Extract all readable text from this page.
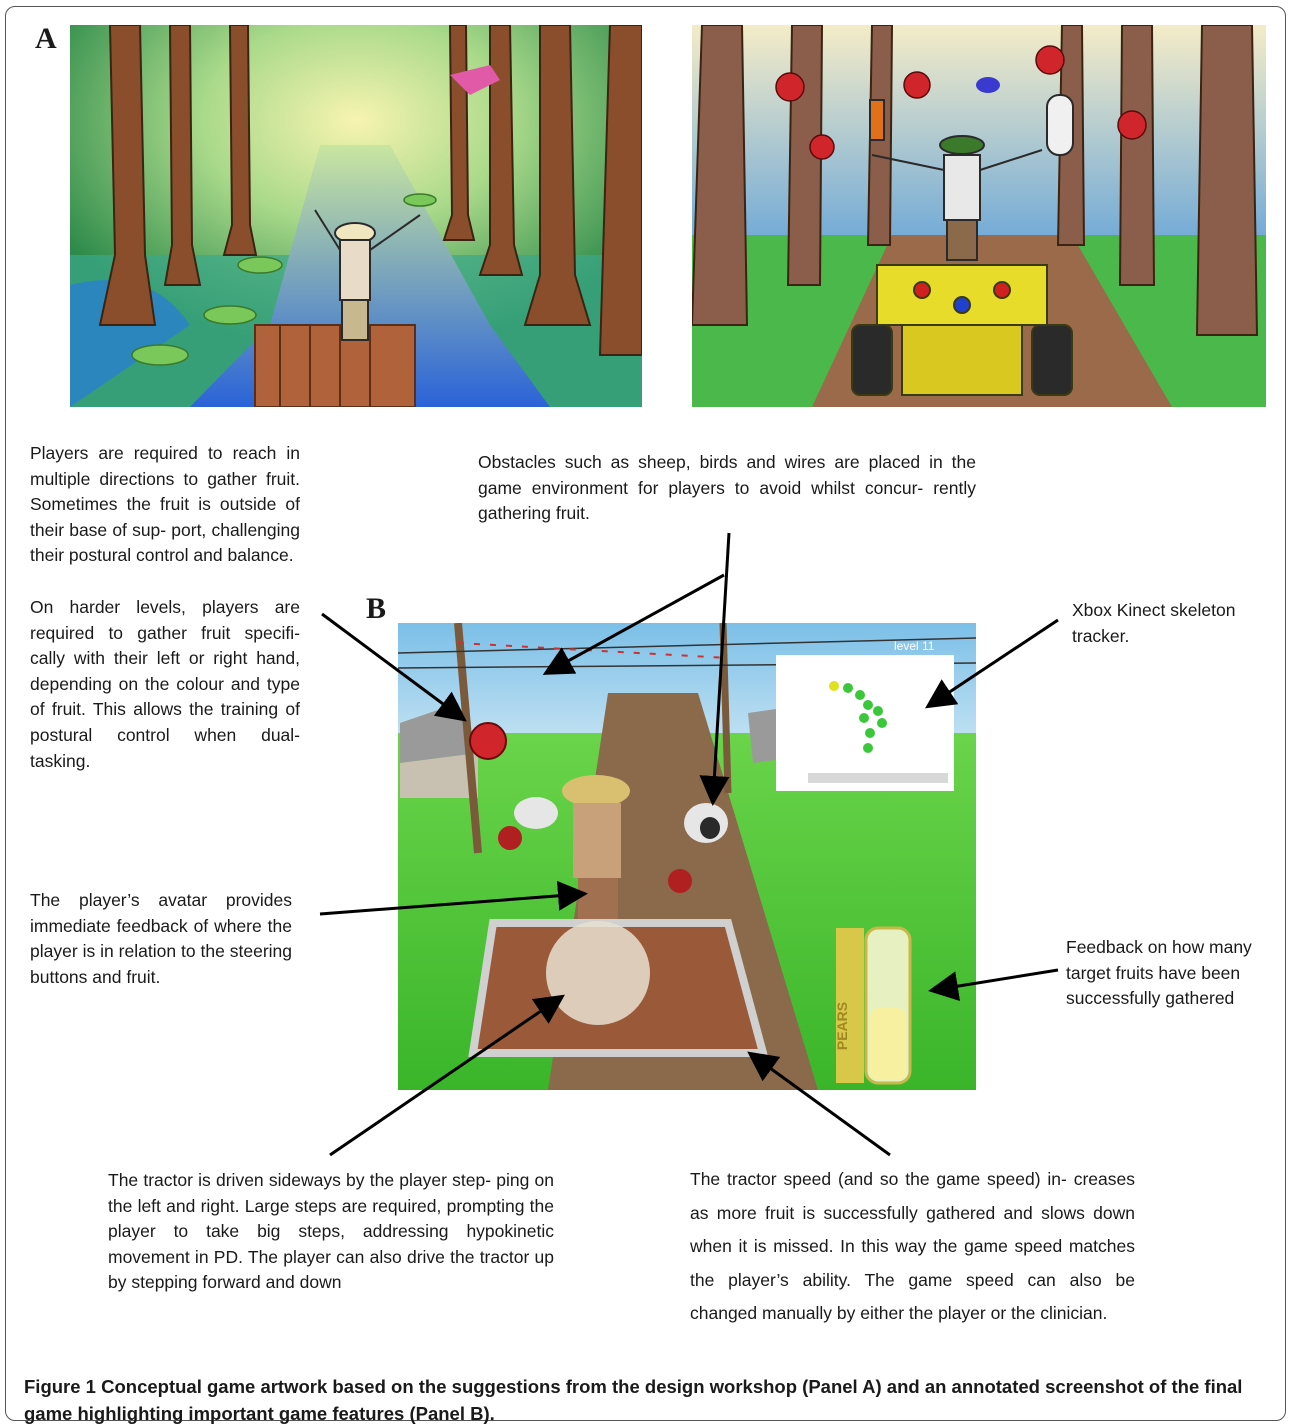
A
B
level 11
PEARS
Players are required to reach in multiple directions to gather fruit. Sometimes the fruit is outside of their base of sup- port, challenging their postural control and balance.
On harder levels, players are required to gather fruit specifi- cally with their left or right hand, depending on the colour and type of fruit. This allows the training of postural control when dual-tasking.
Obstacles such as sheep, birds and wires are placed in the game environment for players to avoid whilst concur- rently gathering fruit.
Xbox Kinect skeleton tracker.
The player’s avatar provides immediate feedback of where the player is in relation to the steering buttons and fruit.
Feedback on how many target fruits have been successfully gathered
The tractor is driven sideways by the player step- ping on the left and right. Large steps are required, prompting the player to take big steps, addressing hypokinetic movement in PD. The player can also drive the tractor up by stepping forward and down
The tractor speed (and so the game speed) in- creases as more fruit is successfully gathered and slows down when it is missed. In this way the game speed matches the player’s ability. The game speed can also be changed manually by either the player or the clinician.
Figure 1 Conceptual game artwork based on the suggestions from the design workshop (Panel A) and an annotated screenshot of the final game highlighting important game features (Panel B).
